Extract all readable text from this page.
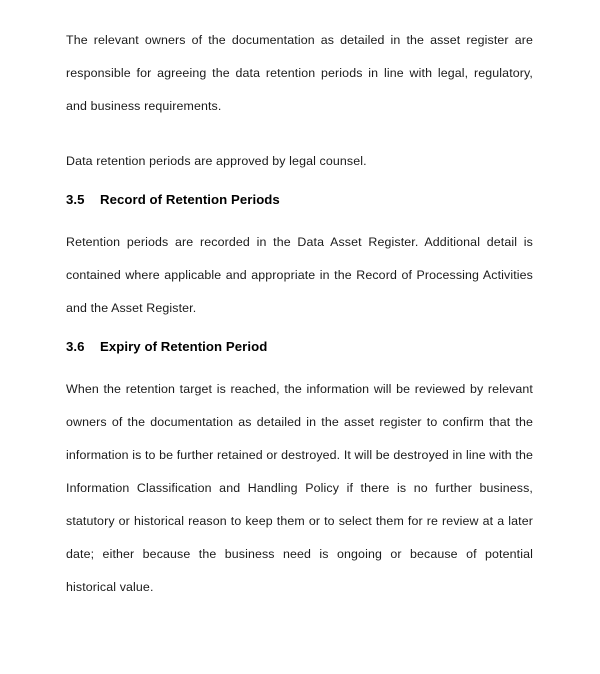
The relevant owners of the documentation as detailed in the asset register are responsible for agreeing the data retention periods in line with legal, regulatory, and business requirements.

Data retention periods are approved by legal counsel.

3.5 Record of Retention Periods

Retention periods are recorded in the Data Asset Register. Additional detail is contained where applicable and appropriate in the Record of Processing Activities and the Asset Register.

3.6 Expiry of Retention Period

When the retention target is reached, the information will be reviewed by relevant owners of the documentation as detailed in the asset register to confirm that the information is to be further retained or destroyed. It will be destroyed in line with the Information Classification and Handling Policy if there is no further business, statutory or historical reason to keep them or to select them for re review at a later date; either because the business need is ongoing or because of potential historical value.
